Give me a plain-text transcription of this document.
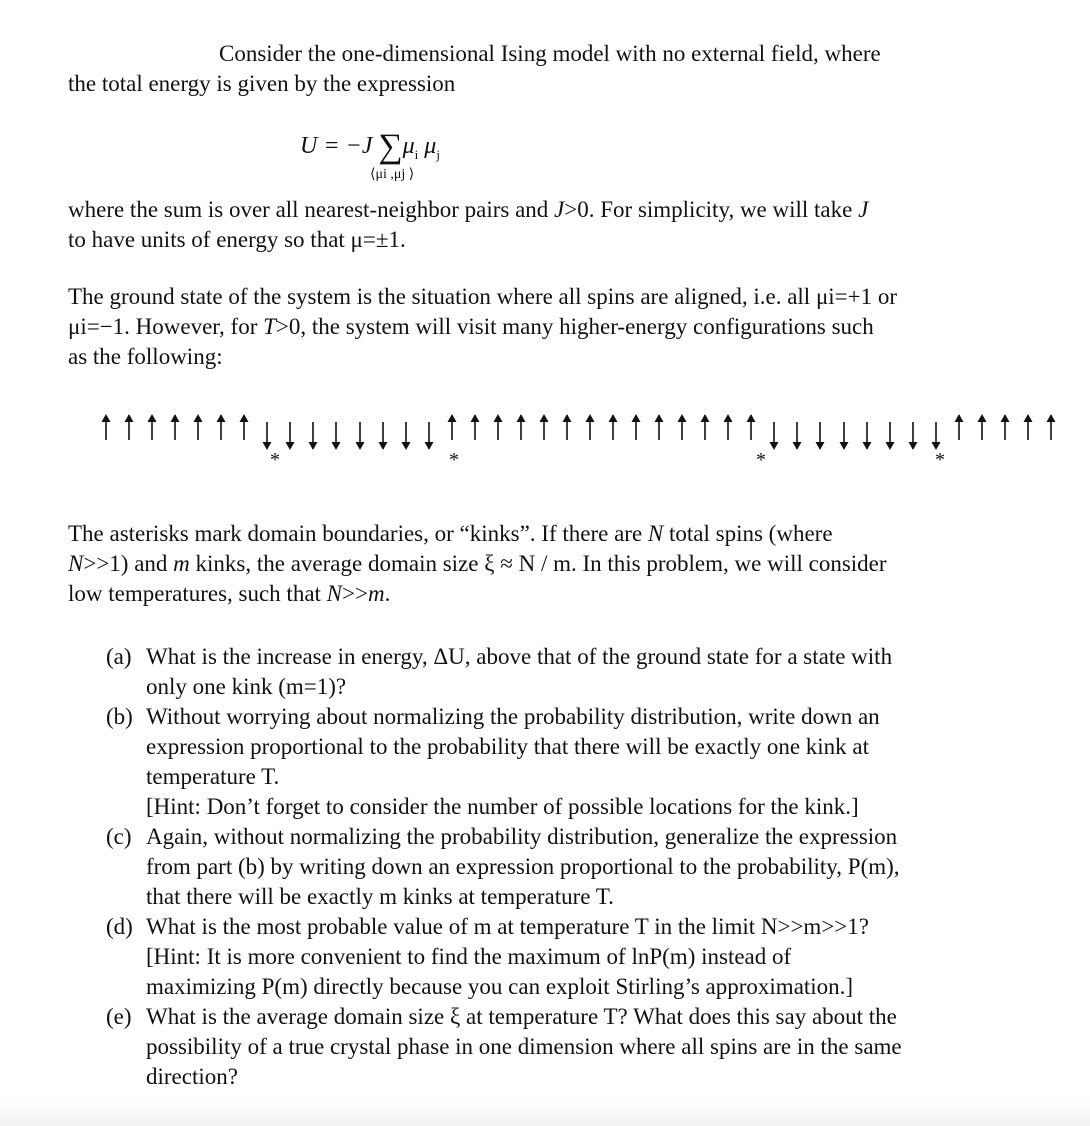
Consider the one-dimensional Ising model with no external field, where
the total energy is given by the expression

U = −J $\sum\mu_i$ $\mu_j$
⟨μi ,μj ⟩

where the sum is over all nearest-neighbor pairs and J>0. For simplicity, we will take J
to have units of energy so that μ=±1.

The ground state of the system is the situation where all spins are aligned, i.e. all μi=+1 or
μi=−1. However, for T>0, the system will visit many higher-energy configurations such
as the following:

*	*	*	*

The asterisks mark domain boundaries, or “kinks”. If there are N total spins (where
N>>1) and m kinks, the average domain size ξ ≈ N / m. In this problem, we will consider
low temperatures, such that N>>m.

(a) What is the increase in energy, ΔU, above that of the ground state for a state with
only one kink (m=1)?
(b) Without worrying about normalizing the probability distribution, write down an
expression proportional to the probability that there will be exactly one kink at
temperature T.
[Hint: Don’t forget to consider the number of possible locations for the kink.]
(c) Again, without normalizing the probability distribution, generalize the expression
from part (b) by writing down an expression proportional to the probability, P(m),
that there will be exactly m kinks at temperature T.
(d) What is the most probable value of m at temperature T in the limit N>>m>>1?
[Hint: It is more convenient to find the maximum of lnP(m) instead of
maximizing P(m) directly because you can exploit Stirling’s approximation.]
(e) What is the average domain size ξ at temperature T? What does this say about the
possibility of a true crystal phase in one dimension where all spins are in the same
direction?
